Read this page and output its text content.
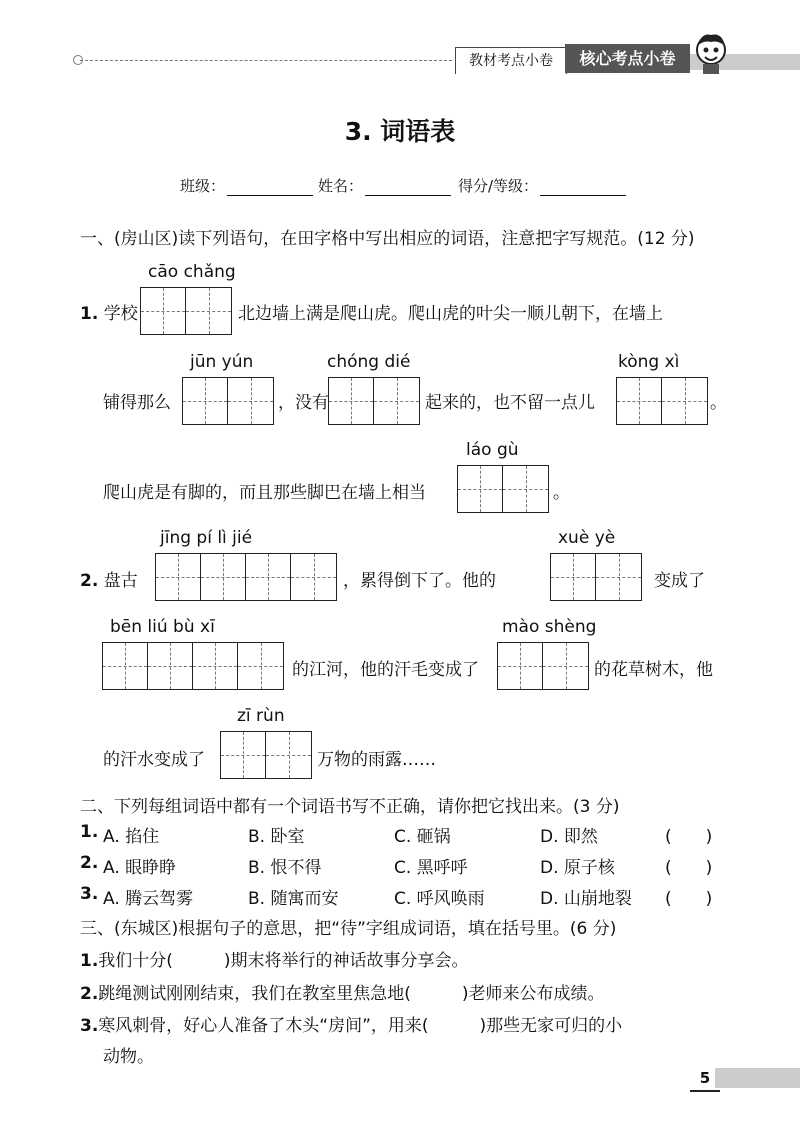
教材考点小卷	核心考点小卷
3. 词语表
班级：	姓名：	得分/等级：
一、(房山区)读下列语句，在田字格中写出相应的词语，注意把字写规范。(12 分)
cāo chǎng
1. 学校	北边墙上满是爬山虎。爬山虎的叶尖一顺儿朝下，在墙上
jūn yún
铺得那么	，没有
chóng dié
起来的，也不留一点儿
kòng xì
。
láo gù
爬山虎是有脚的，而且那些脚巴在墙上相当	。
jīng pí lì jié
2. 盘古	，累得倒下了。他的
xuè yè
变成了
bēn liú bù xī
的江河，他的汗毛变成了
mào shèng
的花草树木，他
zī rùn
的汗水变成了	万物的雨露……
二、下列每组词语中都有一个词语书写不正确，请你把它找出来。(3 分)
1. A. 掐住	B. 卧室	C. 砸锅	D. 即然	(　　)
2. A. 眼睁睁	B. 恨不得	C. 黑呼呼	D. 原子核	(　　)
3. A. 腾云驾雾	B. 随寓而安	C. 呼风唤雨	D. 山崩地裂 (　　)
三、(东城区)根据句子的意思，把“待”字组成词语，填在括号里。(6 分)
1.我们十分(　　　)期末将举行的神话故事分享会。
2.跳绳测试刚刚结束，我们在教室里焦急地(　　　)老师来公布成绩。
3.寒风刺骨，好心人准备了木头“房间”，用来(　　　)那些无家可归的小
动物。
5
